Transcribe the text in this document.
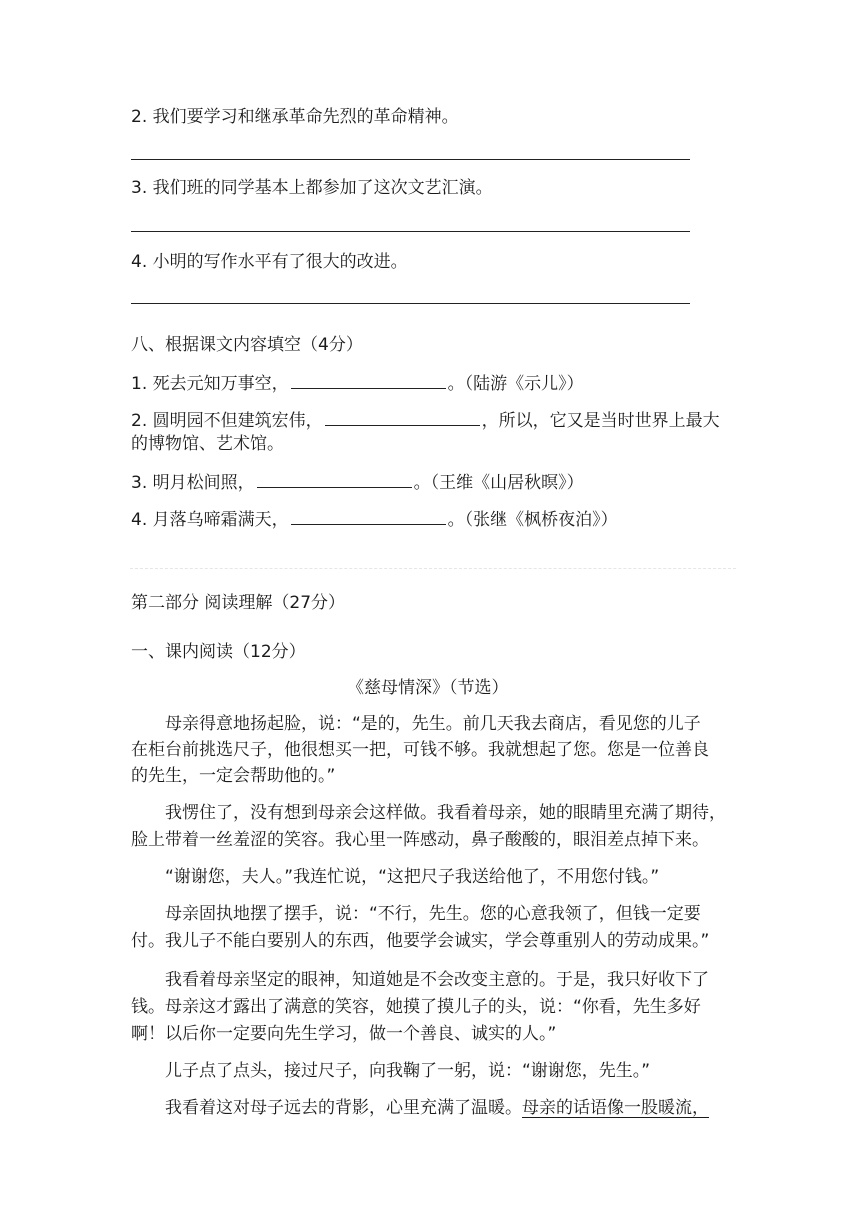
2. 我们要学习和继承革命先烈的革命精神。
3. 我们班的同学基本上都参加了这次文艺汇演。
4. 小明的写作水平有了很大的改进。
八、根据课文内容填空（4分）
1. 死去元知万事空，	。（陆游《示儿》）
2. 圆明园不但建筑宏伟，	，所以，它又是当时世界上最大
的博物馆、艺术馆。
3. 明月松间照，	。（王维《山居秋暝》）
4. 月落乌啼霜满天，	。（张继《枫桥夜泊》）
第二部分 阅读理解（27分）
一、课内阅读（12分）
《慈母情深》（节选）
母亲得意地扬起脸，说：“是的，先生。前几天我去商店，看见您的儿子
在柜台前挑选尺子，他很想买一把，可钱不够。我就想起了您。您是一位善良
的先生，一定会帮助他的。”
我愣住了，没有想到母亲会这样做。我看着母亲，她的眼睛里充满了期待，
脸上带着一丝羞涩的笑容。我心里一阵感动，鼻子酸酸的，眼泪差点掉下来。
“谢谢您，夫人。”我连忙说，“这把尺子我送给他了，不用您付钱。”
母亲固执地摆了摆手，说：“不行，先生。您的心意我领了，但钱一定要
付。我儿子不能白要别人的东西，他要学会诚实，学会尊重别人的劳动成果。”
我看着母亲坚定的眼神，知道她是不会改变主意的。于是，我只好收下了
钱。母亲这才露出了满意的笑容，她摸了摸儿子的头，说：“你看，先生多好
啊！以后你一定要向先生学习，做一个善良、诚实的人。”
儿子点了点头，接过尺子，向我鞠了一躬，说：“谢谢您，先生。”
我看着这对母子远去的背影，心里充满了温暖。母亲的话语像一股暖流，
